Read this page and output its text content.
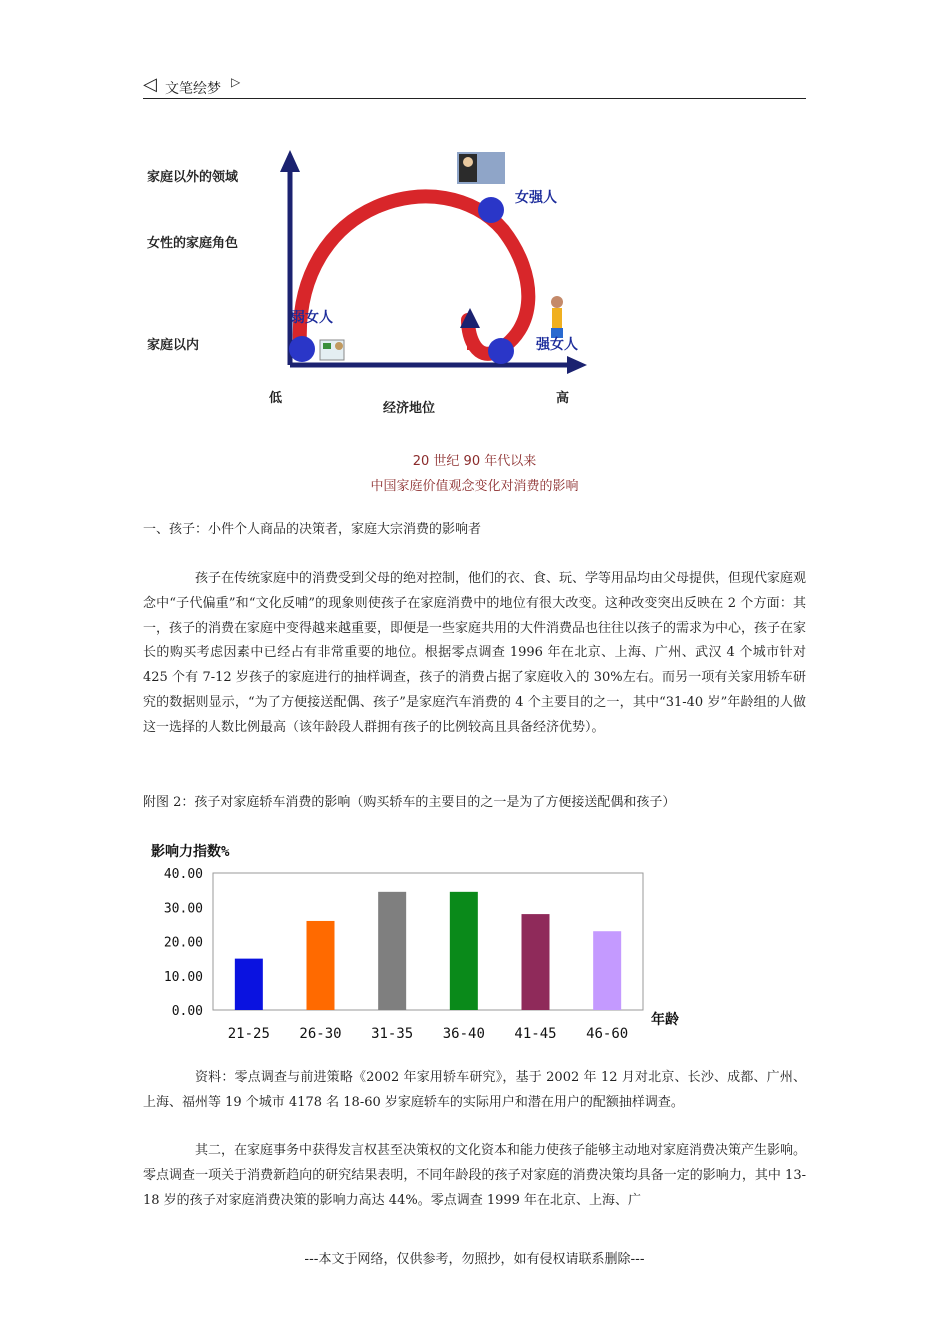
◁ 文笔绘梦 ▷
家庭以外的领域
女性的家庭角色
家庭以内
弱女人
女强人
强女人
低
经济地位
高
20 世纪 90 年代以来
中国家庭价值观念变化对消费的影响
一、孩子：小件个人商品的决策者，家庭大宗消费的影响者
孩子在传统家庭中的消费受到父母的绝对控制，他们的衣、食、玩、学等用品均由父母提供，但现代家庭观念中“子代偏重”和“文化反哺”的现象则使孩子在家庭消费中的地位有很大改变。这种改变突出反映在 2 个方面：其一，孩子的消费在家庭中变得越来越重要，即便是一些家庭共用的大件消费品也往往以孩子的需求为中心，孩子在家长的购买考虑因素中已经占有非常重要的地位。根据零点调查 1996 年在北京、上海、广州、武汉 4 个城市针对 425 个有 7-12 岁孩子的家庭进行的抽样调查，孩子的消费占据了家庭收入的 30%左右。而另一项有关家用轿车研究的数据则显示，“为了方便接送配偶、孩子”是家庭汽车消费的 4 个主要目的之一，其中“31-40 岁”年龄组的人做这一选择的人数比例最高（该年龄段人群拥有孩子的比例较高且具备经济优势）。
附图 2：孩子对家庭轿车消费的影响（购买轿车的主要目的之一是为了方便接送配偶和孩子）
影响力指数%
0.00
10.00
20.00
30.00
40.00
21-25 26-30 31-35 36-40 41-45 46-60
年龄
资料：零点调查与前进策略《2002 年家用轿车研究》，基于 2002 年 12 月对北京、长沙、成都、广州、上海、福州等 19 个城市 4178 名 18-60 岁家庭轿车的实际用户和潜在用户的配额抽样调查。
其二，在家庭事务中获得发言权甚至决策权的文化资本和能力使孩子能够主动地对家庭消费决策产生影响。零点调查一项关于消费新趋向的研究结果表明，不同年龄段的孩子对家庭的消费决策均具备一定的影响力，其中 13-18 岁的孩子对家庭消费决策的影响力高达 44%。零点调查 1999 年在北京、上海、广
---本文于网络，仅供参考，勿照抄，如有侵权请联系删除---
